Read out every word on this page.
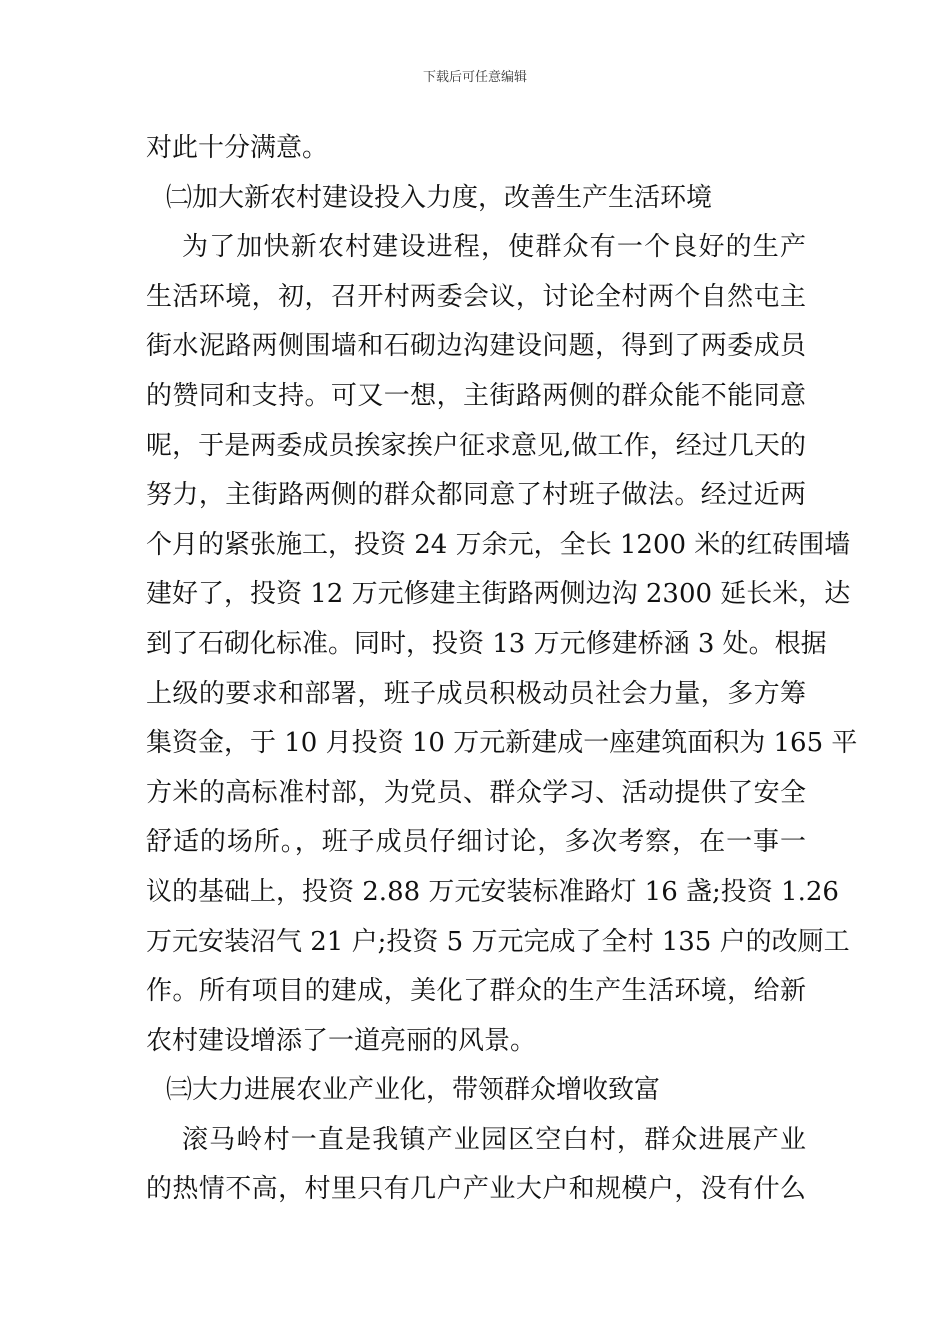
下载后可任意编辑
对此十分满意。
㈡加大新农村建设投入力度，改善生产生活环境
为了加快新农村建设进程，使群众有一个良好的生产
生活环境，初，召开村两委会议，讨论全村两个自然屯主
街水泥路两侧围墙和石砌边沟建设问题，得到了两委成员
的赞同和支持。可又一想，主街路两侧的群众能不能同意
呢，于是两委成员挨家挨户征求意见,做工作，经过几天的
努力，主街路两侧的群众都同意了村班子做法。经过近两
个月的紧张施工，投资 24 万余元，全长 1200 米的红砖围墙
建好了，投资 12 万元修建主街路两侧边沟 2300 延长米，达
到了石砌化标准。同时，投资 13 万元修建桥涵 3 处。根据
上级的要求和部署，班子成员积极动员社会力量，多方筹
集资金，于 10 月投资 10 万元新建成一座建筑面积为 165 平
方米的高标准村部，为党员、群众学习、活动提供了安全
舒适的场所。，班子成员仔细讨论，多次考察，在一事一
议的基础上，投资 2.88 万元安装标准路灯 16 盏;投资 1.26
万元安装沼气 21 户;投资 5 万元完成了全村 135 户的改厕工
作。所有项目的建成，美化了群众的生产生活环境，给新
农村建设增添了一道亮丽的风景。
㈢大力进展农业产业化，带领群众增收致富
滚马岭村一直是我镇产业园区空白村，群众进展产业
的热情不高，村里只有几户产业大户和规模户，没有什么
